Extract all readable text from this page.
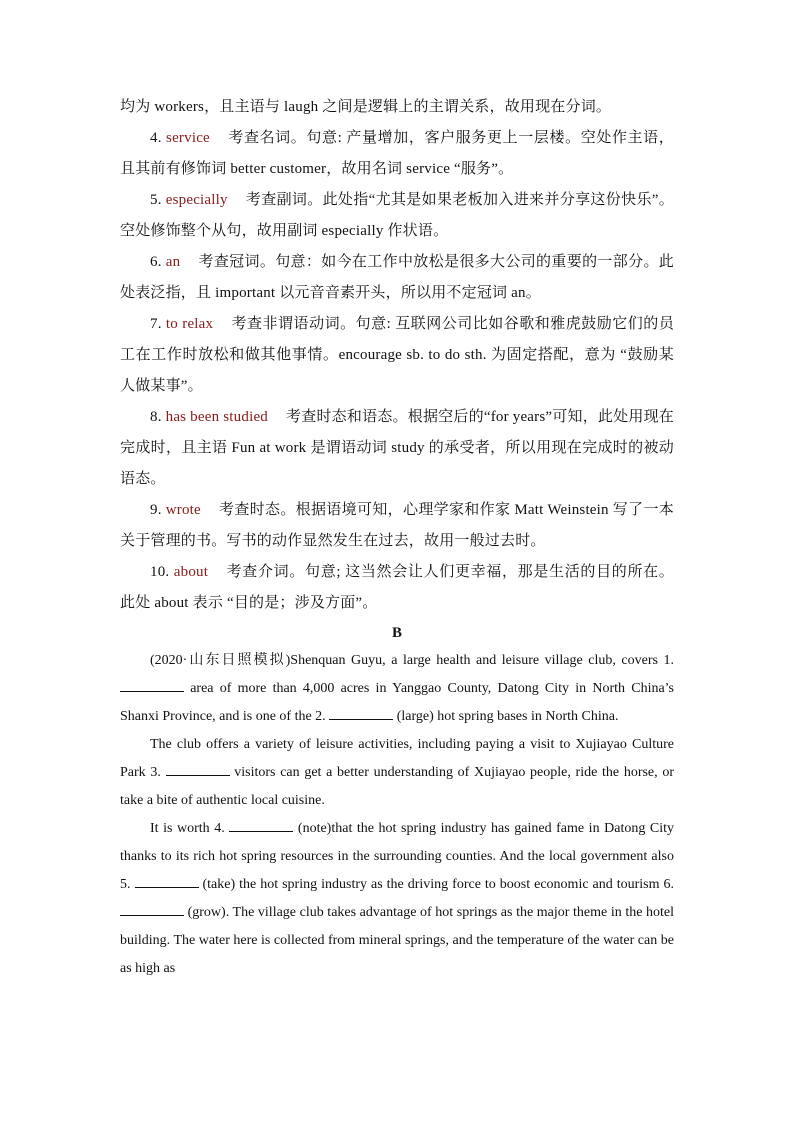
均为 workers，且主语与 laugh 之间是逻辑上的主谓关系，故用现在分词。

4. service 考查名词。句意: 产量增加，客户服务更上一层楼。空处作主语，且其前有修饰词 better customer，故用名词 service “服务”。

5. especially 考查副词。此处指“尤其是如果老板加入进来并分享这份快乐”。空处修饰整个从句，故用副词 especially 作状语。

6. an 考查冠词。句意：如今在工作中放松是很多大公司的重要的一部分。此处表泛指，且 important 以元音音素开头，所以用不定冠词 an。

7. to relax 考查非谓语动词。句意: 互联网公司比如谷歌和雅虎鼓励它们的员工在工作时放松和做其他事情。encourage sb. to do sth. 为固定搭配，意为 “鼓励某人做某事”。

8. has been studied 考查时态和语态。根据空后的“for years”可知，此处用现在完成时，且主语 Fun at work 是谓语动词 study 的承受者，所以用现在完成时的被动语态。

9. wrote 考查时态。根据语境可知，心理学家和作家 Matt Weinstein 写了一本关于管理的书。写书的动作显然发生在过去，故用一般过去时。

10. about 考查介词。句意; 这当然会让人们更幸福，那是生活的目的所在。此处 about 表示 “目的是；涉及方面”。

B

(2020·山东日照模拟)Shenquan Guyu, a large health and leisure village club, covers 1.  area of more than 4,000 acres in Yanggao County, Datong City in North China’s Shanxi Province, and is one of the 2.	(large) hot spring bases in North China.

The club offers a variety of leisure activities, including paying a visit to Xujiayao Culture Park 3.	visitors can get a better understanding of Xujiayao people, ride the horse, or take a bite of authentic local cuisine.

It is worth 4.	(note)that the hot spring industry has gained fame in Datong City thanks to its rich hot spring resources in the surrounding counties. And the local government also 5.	(take) the hot spring industry as the driving force to boost economic and tourism 6.  (grow). The village club takes advantage of hot springs as the major theme in the hotel building. The water here is collected from mineral springs, and the temperature of the water can be as high as
